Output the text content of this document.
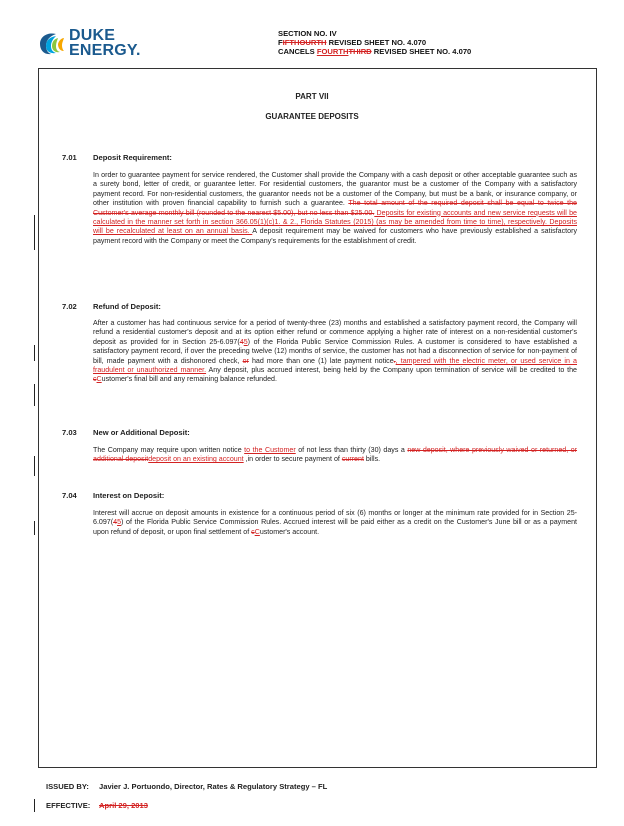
DUKE
ENERGY.
SECTION NO. IV
FIFTHOURTH REVISED SHEET NO. 4.070
CANCELS FOURTHTHIRD REVISED SHEET NO. 4.070
PART VII
GUARANTEE DEPOSITS
7.01 Deposit Requirement:
In order to guarantee payment for service rendered, the Customer shall provide the Company with a cash deposit or other acceptable guarantee such as a surety bond, letter of credit, or guarantee letter. For residential customers, the guarantor must be a customer of the Company with a satisfactory payment record. For non-residential customers, the guarantor needs not be a customer of the Company, but must be a bank, or insurance company, or other institution with proven financial capability to furnish such a guarantee. The total amount of the required deposit shall be equal to twice the Customer's average monthly bill (rounded to the nearest $5.00), but no less than $25.00. Deposits for existing accounts and new service requests will be calculated in the manner set forth in section 366.05(1)(c)1. & 2., Florida Statutes (2015) (as may be amended from time to time), respectively. Deposits will be recalculated at least on an annual basis. A deposit requirement may be waived for customers who have previously established a satisfactory payment record with the Company or meet the Company's requirements for the establishment of credit.
7.02 Refund of Deposit:
After a customer has had continuous service for a period of twenty-three (23) months and established a satisfactory payment record, the Company will refund a residential customer's deposit and at its option either refund or commence applying a higher rate of interest on a non-residential customer's deposit as provided for in Section 25-6.097(45) of the Florida Public Service Commission Rules. A customer is considered to have established a satisfactory payment record, if over the preceding twelve (12) months of service, the customer has not had a disconnection of service for non-payment of bill, made payment with a dishonored check, or had more than one (1) late payment notice., tampered with the electric meter, or used service in a fraudulent or unauthorized manner. Any deposit, plus accrued interest, being held by the Company upon termination of service will be credited to the cCustomer's final bill and any remaining balance refunded.
7.03 New or Additional Deposit:
The Company may require upon written notice to the Customer of not less than thirty (30) days a new deposit, where previously waived or returned, or additional depositdeposit on an existing account ,in order to secure payment of current bills.
7.04 Interest on Deposit:
Interest will accrue on deposit amounts in existence for a continuous period of six (6) months or longer at the minimum rate provided for in Section 25-6.097(45) of the Florida Public Service Commission Rules. Accrued interest will be paid either as a credit on the Customer's June bill or as a payment upon refund of deposit, or upon final settlement of cCustomer's account.
ISSUED BY: Javier J. Portuondo, Director, Rates & Regulatory Strategy – FL
EFFECTIVE: April 29, 2013
